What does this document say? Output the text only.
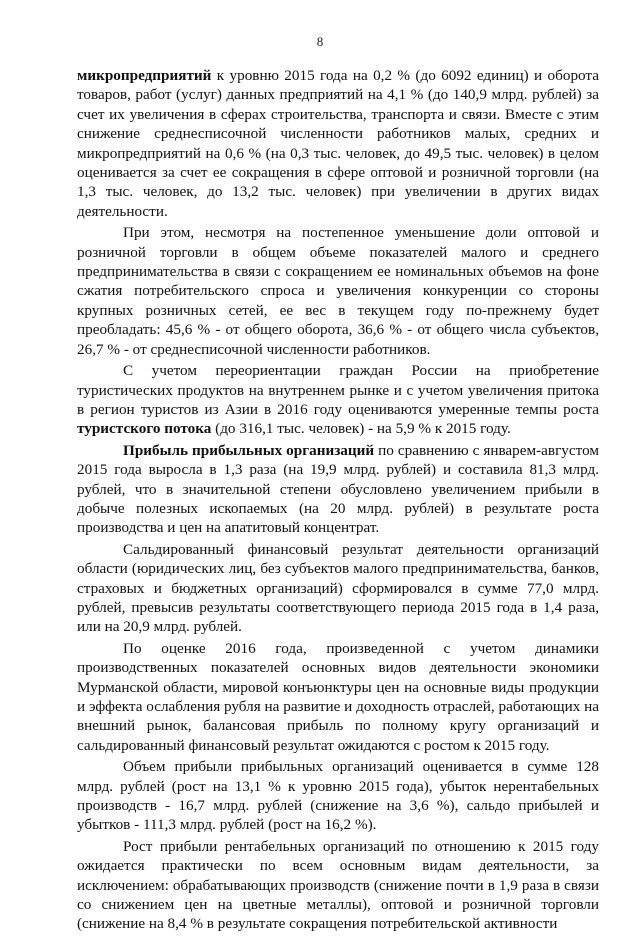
8

микропредприятий к уровню 2015 года на 0,2 % (до 6092 единиц) и оборота товаров, работ (услуг) данных предприятий на 4,1 % (до 140,9 млрд. рублей) за счет их увеличения в сферах строительства, транспорта и связи. Вместе с этим снижение среднесписочной численности работников малых, средних и микропредприятий на 0,6 % (на 0,3 тыс. человек, до 49,5 тыс. человек) в целом оценивается за счет ее сокращения в сфере оптовой и розничной торговли (на 1,3 тыс. человек, до 13,2 тыс. человек) при увеличении в других видах деятельности.

При этом, несмотря на постепенное уменьшение доли оптовой и розничной торговли в общем объеме показателей малого и среднего предпринимательства в связи с сокращением ее номинальных объемов на фоне сжатия потребительского спроса и увеличения конкуренции со стороны крупных розничных сетей, ее вес в текущем году по-прежнему будет преобладать: 45,6 % - от общего оборота, 36,6 % - от общего числа субъектов, 26,7 % - от среднесписочной численности работников.

С учетом переориентации граждан России на приобретение туристических продуктов на внутреннем рынке и с учетом увеличения притока в регион туристов из Азии в 2016 году оцениваются умеренные темпы роста туристского потока (до 316,1 тыс. человек) - на 5,9 % к 2015 году.

Прибыль прибыльных организаций по сравнению с январем-августом 2015 года выросла в 1,3 раза (на 19,9 млрд. рублей) и составила 81,3 млрд. рублей, что в значительной степени обусловлено увеличением прибыли в добыче полезных ископаемых (на 20 млрд. рублей) в результате роста производства и цен на апатитовый концентрат.

Сальдированный финансовый результат деятельности организаций области (юридических лиц, без субъектов малого предпринимательства, банков, страховых и бюджетных организаций) сформировался в сумме 77,0 млрд. рублей, превысив результаты соответствующего периода 2015 года в 1,4 раза, или на 20,9 млрд. рублей.

По оценке 2016 года, произведенной с учетом динамики производственных показателей основных видов деятельности экономики Мурманской области, мировой конъюнктуры цен на основные виды продукции и эффекта ослабления рубля на развитие и доходность отраслей, работающих на внешний рынок, балансовая прибыль по полному кругу организаций и сальдированный финансовый результат ожидаются с ростом к 2015 году.

Объем прибыли прибыльных организаций оценивается в сумме 128 млрд. рублей (рост на 13,1 % к уровню 2015 года), убыток нерентабельных производств - 16,7 млрд. рублей (снижение на 3,6 %), сальдо прибылей и убытков - 111,3 млрд. рублей (рост на 16,2 %).

Рост прибыли рентабельных организаций по отношению к 2015 году ожидается практически по всем основным видам деятельности, за исключением: обрабатывающих производств (снижение почти в 1,9 раза в связи со снижением цен на цветные металлы), оптовой и розничной торговли (снижение на 8,4 % в результате сокращения потребительской активности
